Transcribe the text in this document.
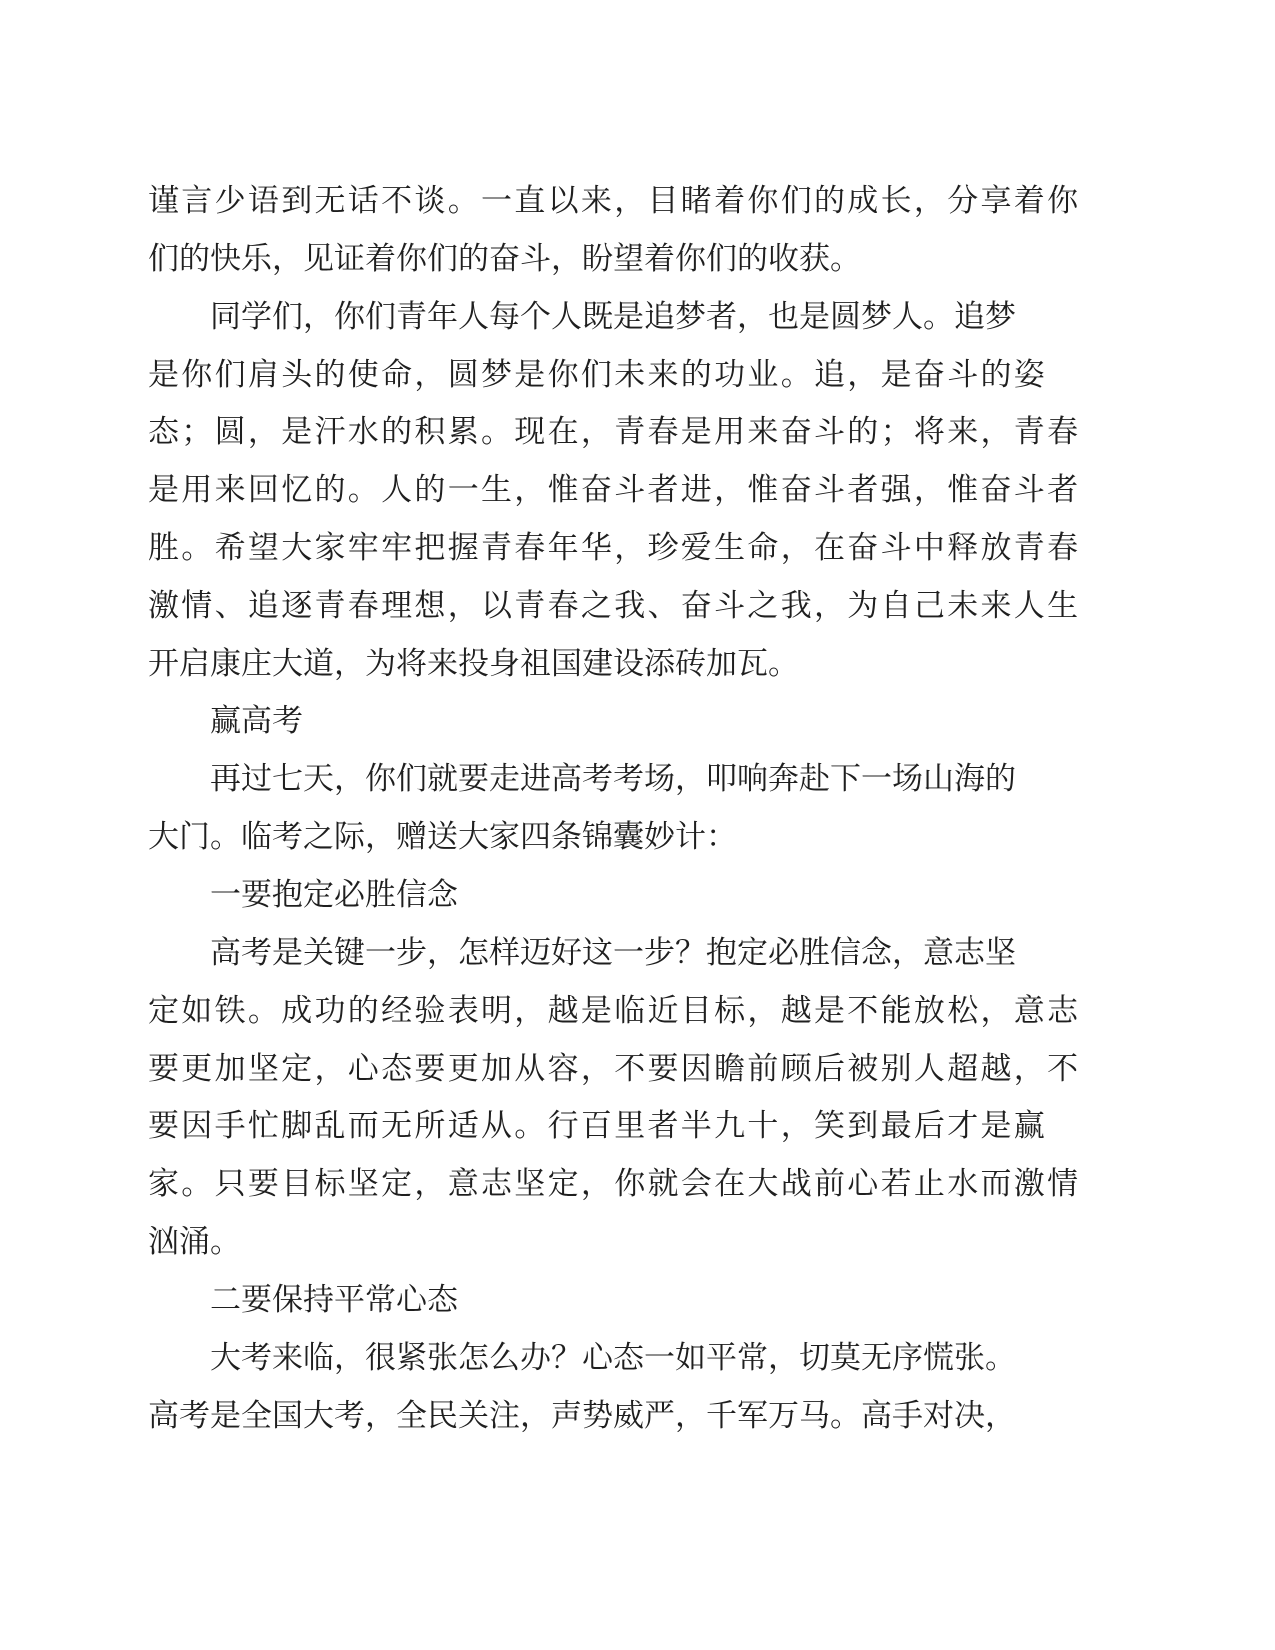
谨言少语到无话不谈。一直以来，目睹着你们的成长，分享着你
们的快乐，见证着你们的奋斗，盼望着你们的收获。
同学们，你们青年人每个人既是追梦者，也是圆梦人。追梦
是你们肩头的使命，圆梦是你们未来的功业。追，是奋斗的姿
态；圆，是汗水的积累。现在，青春是用来奋斗的；将来，青春
是用来回忆的。人的一生，惟奋斗者进，惟奋斗者强，惟奋斗者
胜。希望大家牢牢把握青春年华，珍爱生命，在奋斗中释放青春
激情、追逐青春理想，以青春之我、奋斗之我，为自己未来人生
开启康庄大道，为将来投身祖国建设添砖加瓦。
赢高考
再过七天，你们就要走进高考考场，叩响奔赴下一场山海的
大门。临考之际，赠送大家四条锦囊妙计：
一要抱定必胜信念
高考是关键一步，怎样迈好这一步？抱定必胜信念，意志坚
定如铁。成功的经验表明，越是临近目标，越是不能放松，意志
要更加坚定，心态要更加从容，不要因瞻前顾后被别人超越，不
要因手忙脚乱而无所适从。行百里者半九十，笑到最后才是赢
家。只要目标坚定，意志坚定，你就会在大战前心若止水而激情
汹涌。
二要保持平常心态
大考来临，很紧张怎么办？心态一如平常，切莫无序慌张。
高考是全国大考，全民关注，声势威严，千军万马。高手对决，
